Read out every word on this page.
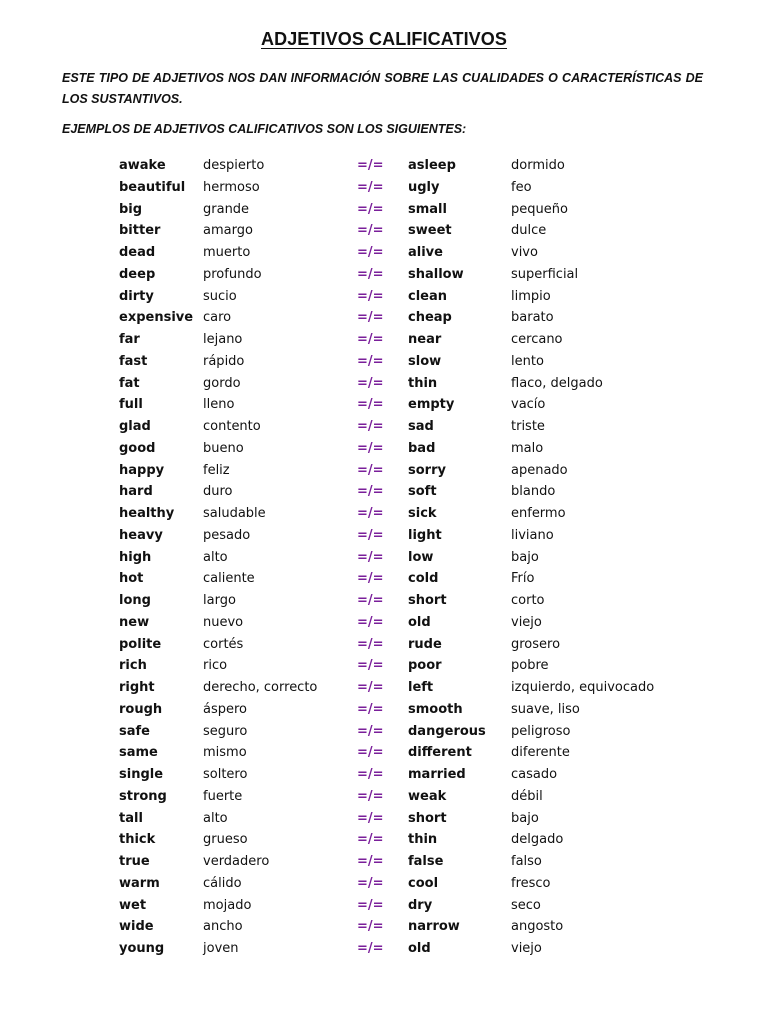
ADJETIVOS CALIFICATIVOS
ESTE TIPO DE ADJETIVOS NOS DAN INFORMACIÓN SOBRE LAS CUALIDADES O CARACTERÍSTICAS DE LOS SUSTANTIVOS.
EJEMPLOS DE ADJETIVOS CALIFICATIVOS SON LOS SIGUIENTES:
awake	despierto	=/= asleep	dormido
beautiful hermoso	=/= ugly	feo
big	grande	=/= small	pequeño
bitter	amargo	=/= sweet	dulce
dead	muerto	=/= alive	vivo
deep	profundo	=/= shallow	superficial
dirty	sucio	=/= clean	limpio
expensive caro	=/= cheap	barato
far	lejano	=/= near	cercano
fast	rápido	=/= slow	lento
fat	gordo	=/= thin	flaco, delgado
full	lleno	=/= empty	vacío
glad	contento	=/= sad	triste
good	bueno	=/= bad	malo
happy	feliz	=/= sorry	apenado
hard	duro	=/= soft	blando
healthy saludable	=/= sick	enfermo
heavy	pesado	=/= light	liviano
high	alto	=/= low	bajo
hot	caliente	=/= cold	Frío
long	largo	=/= short	corto
new	nuevo	=/= old	viejo
polite	cortés	=/= rude	grosero
rich	rico	=/= poor	pobre
right	derecho, correcto	=/= left	izquierdo, equivocado
rough	áspero	=/= smooth	suave, liso
safe	seguro	=/= dangerous peligroso
same	mismo	=/= different	diferente
single	soltero	=/= married	casado
strong	fuerte	=/= weak	débil
tall	alto	=/= short	bajo
thick	grueso	=/= thin	delgado
true	verdadero	=/= false	falso
warm	cálido	=/= cool	fresco
wet	mojado	=/= dry	seco
wide	ancho	=/= narrow	angosto
young	joven	=/= old	viejo
